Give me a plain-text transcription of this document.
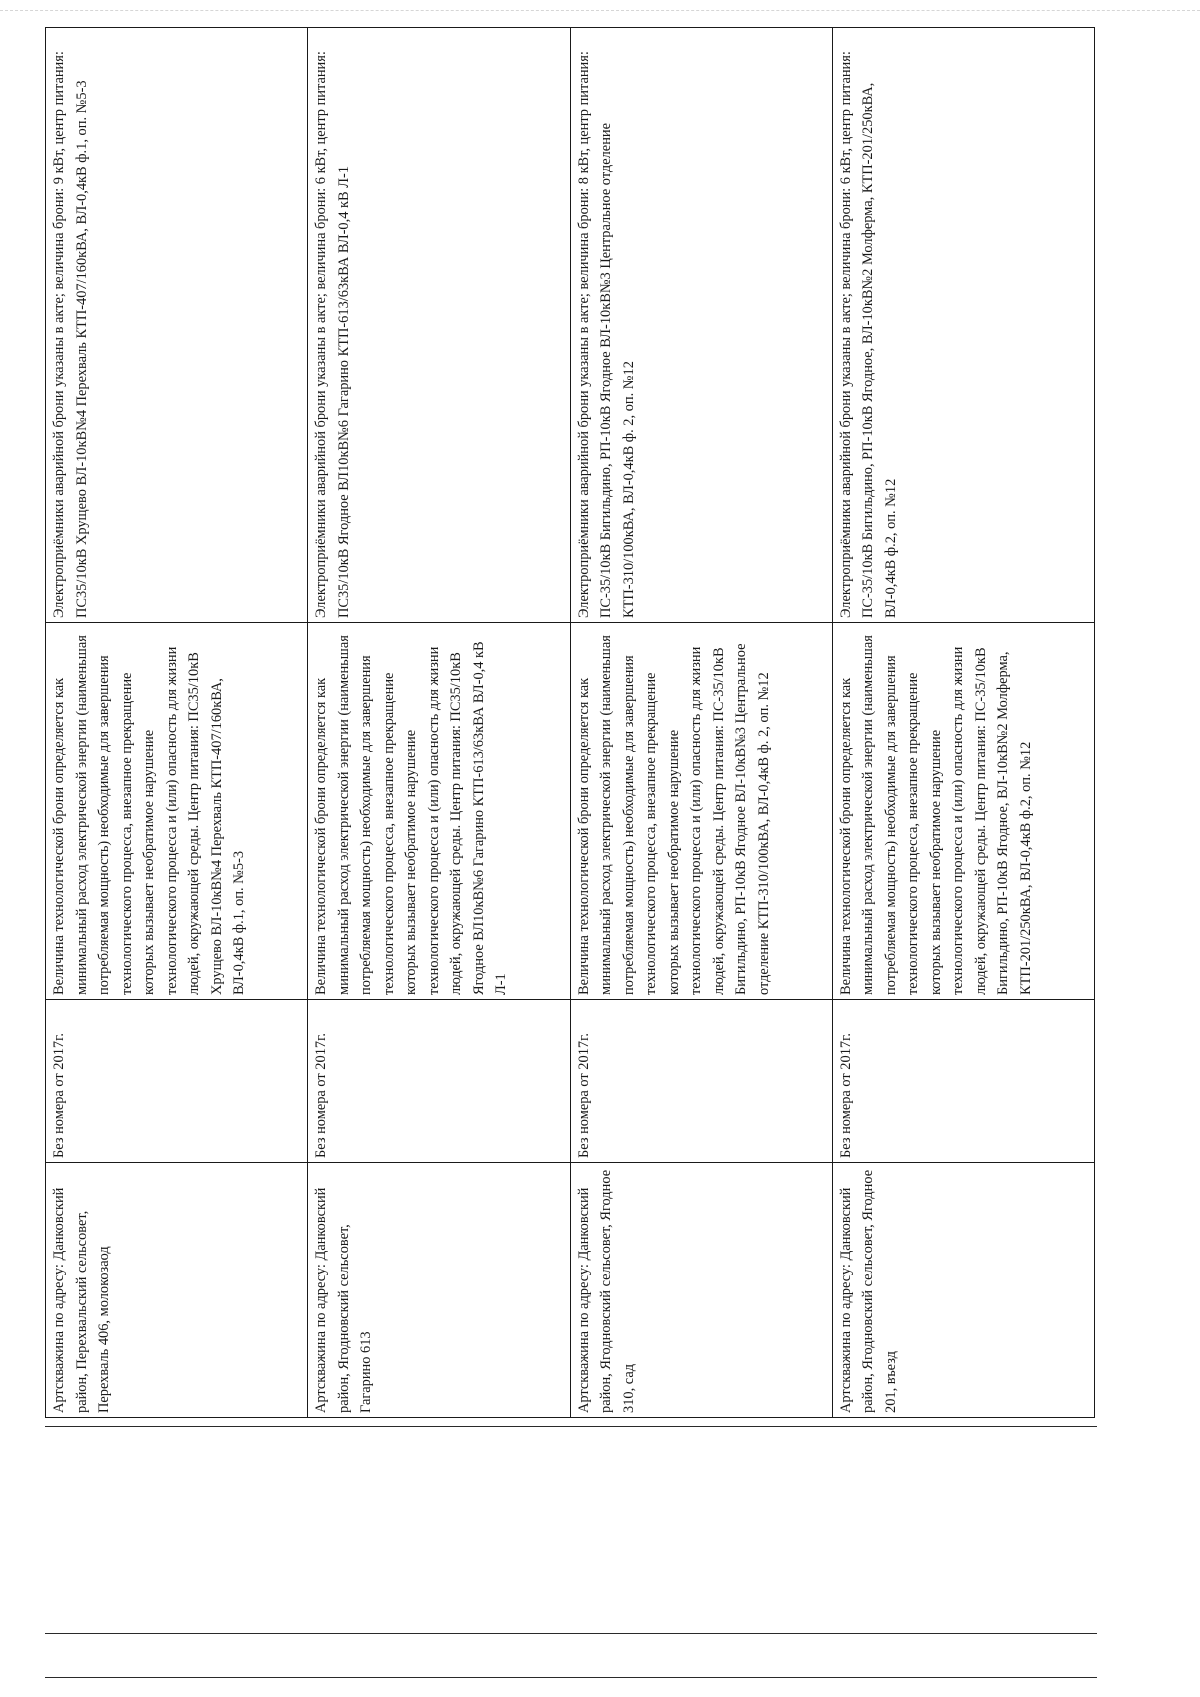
Артскважина по адресу: Данковский район, Перехвальский сельсовет, Перехваль 406, молокозаод	Без номера от 2017г.	Величина технологической брони определяется как минимальный расход электрической энергии (наименьшая потребляемая мощность) необходимые для завершения технологического процесса, внезапное прекращение которых вызывает необратимое нарушение технологического процесса и (или) опасность для жизни людей, окружающей среды. Центр питания: ПС35/10кВ Хрущево ВЛ-10кВ№4 Перехваль КТП-407/160кВА, ВЛ-0,4кВ ф.1, оп. №5-3	Электроприёмники аварийной брони указаны в акте; величина брони: 9 кВт, центр питания: ПС35/10кВ Хрущево ВЛ-10кВ№4 Перехваль КТП-407/160кВА, ВЛ-0,4кВ ф.1, оп. №5-3
Артскважина по адресу: Данковский район, Ягодновский сельсовет, Гагарино 613	Без номера от 2017г.	Величина технологической брони определяется как минимальный расход электрической энергии (наименьшая потребляемая мощность) необходимые для завершения технологического процесса, внезапное прекращение которых вызывает необратимое нарушение технологического процесса и (или) опасность для жизни людей, окружающей среды. Центр питания: ПС35/10кВ Ягодное ВЛ10кВ№6 Гагарино КТП-613/63кВА ВЛ-0,4 кВ Л-1	Электроприёмники аварийной брони указаны в акте; величина брони: 6 кВт, центр питания: ПС35/10кВ Ягодное ВЛ10кВ№6 Гагарино КТП-613/63кВА ВЛ-0,4 кВ Л-1
Артскважина по адресу: Данковский район, Ягодновский сельсовет, Ягодное 310, сад	Без номера от 2017г.	Величина технологической брони определяется как минимальный расход электрической энергии (наименьшая потребляемая мощность) необходимые для завершения технологического процесса, внезапное прекращение которых вызывает необратимое нарушение технологического процесса и (или) опасность для жизни людей, окружающей среды. Центр питания: ПС-35/10кВ Бигильдино, РП-10кВ Ягодное ВЛ-10кВ№3 Центральное отделение КТП-310/100кВА, ВЛ-0,4кВ ф. 2, оп. №12	Электроприёмники аварийной брони указаны в акте; величина брони: 8 кВт, центр питания: ПС-35/10кВ Бигильдино, РП-10кВ Ягодное ВЛ-10кВ№3 Центральное отделение КТП-310/100кВА, ВЛ-0,4кВ ф. 2, оп. №12
Артскважина по адресу: Данковский район, Ягодновский сельсовет, Ягодное 201, въезд	Без номера от 2017г.	Величина технологической брони определяется как минимальный расход электрической энергии (наименьшая потребляемая мощность) необходимые для завершения технологического процесса, внезапное прекращение которых вызывает необратимое нарушение технологического процесса и (или) опасность для жизни людей, окружающей среды. Центр питания: ПС-35/10кВ Бигильдино, РП-10кВ Ягодное, ВЛ-10кВ№2 Молферма, КТП-201/250кВА, ВЛ-0,4кВ ф.2, оп. №12	Электроприёмники аварийной брони указаны в акте; величина брони: 6 кВт, центр питания: ПС-35/10кВ Бигильдино, РП-10кВ Ягодное, ВЛ-10кВ№2 Молферма, КТП-201/250кВА, ВЛ-0,4кВ ф.2, оп. №12
